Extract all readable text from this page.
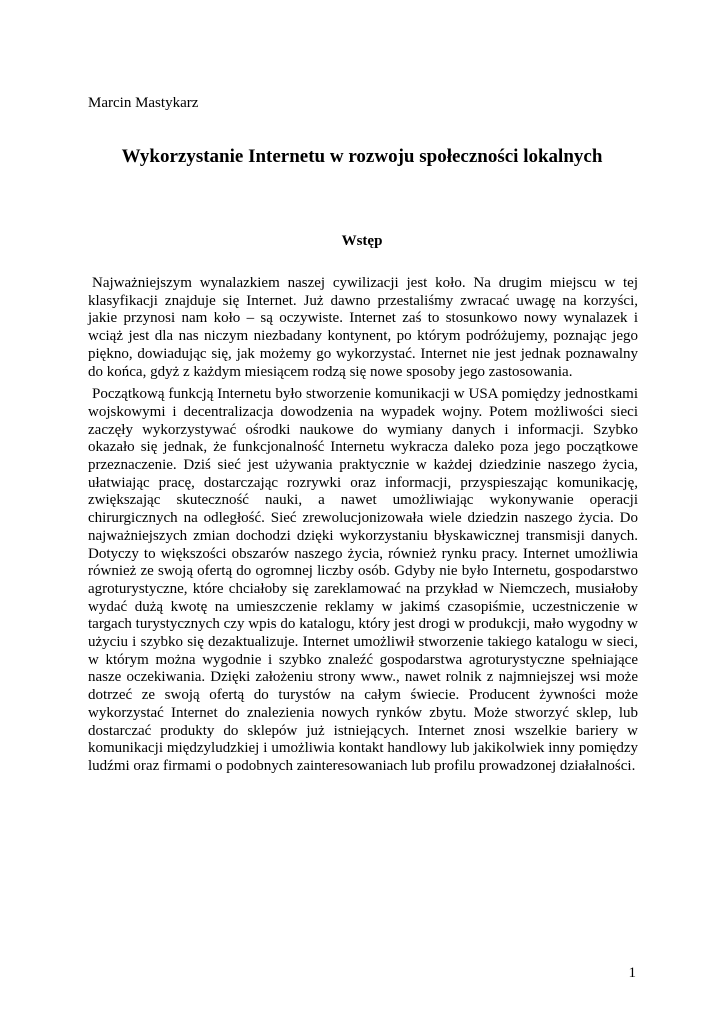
Marcin Mastykarz
Wykorzystanie Internetu w rozwoju społeczności lokalnych
Wstęp

Najważniejszym wynalazkiem naszej cywilizacji jest koło. Na drugim miejscu w tej klasyfikacji znajduje się Internet. Już dawno przestaliśmy zwracać uwagę na korzyści, jakie przynosi nam koło – są oczywiste. Internet zaś to stosunkowo nowy wynalazek i wciąż jest dla nas niczym niezbadany kontynent, po którym podróżujemy, poznając jego piękno, dowiadując się, jak możemy go wykorzystać. Internet nie jest jednak poznawalny do końca, gdyż z każdym miesiącem rodzą się nowe sposoby jego zastosowania.

Początkową funkcją Internetu było stworzenie komunikacji w USA pomiędzy jednostkami wojskowymi i decentralizacja dowodzenia na wypadek wojny. Potem możliwości sieci zaczęły wykorzystywać ośrodki naukowe do wymiany danych i informacji. Szybko okazało się jednak, że funkcjonalność Internetu wykracza daleko poza jego początkowe przeznaczenie. Dziś sieć jest używania praktycznie w każdej dziedzinie naszego życia, ułatwiając pracę, dostarczając rozrywki oraz informacji, przyspieszając komunikację, zwiększając skuteczność nauki, a nawet umożliwiając wykonywanie operacji chirurgicznych na odległość. Sieć zrewolucjonizowała wiele dziedzin naszego życia. Do najważniejszych zmian dochodzi dzięki wykorzystaniu błyskawicznej transmisji danych. Dotyczy to większości obszarów naszego życia, również rynku pracy. Internet umożliwia również ze swoją ofertą do ogromnej liczby osób. Gdyby nie było Internetu, gospodarstwo agroturystyczne, które chciałoby się zareklamować na przykład w Niemczech, musiałoby wydać dużą kwotę na umieszczenie reklamy w jakimś czasopiśmie, uczestniczenie w targach turystycznych czy wpis do katalogu, który jest drogi w produkcji, mało wygodny w użyciu i szybko się dezaktualizuje. Internet umożliwił stworzenie takiego katalogu w sieci, w którym można wygodnie i szybko znaleźć gospodarstwa agroturystyczne spełniające nasze oczekiwania. Dzięki założeniu strony www., nawet rolnik z najmniejszej wsi może dotrzeć ze swoją ofertą do turystów na całym świecie. Producent żywności może wykorzystać Internet do znalezienia nowych rynków zbytu. Może stworzyć sklep, lub dostarczać produkty do sklepów już istniejących. Internet znosi wszelkie bariery w komunikacji międzyludzkiej i umożliwia kontakt handlowy lub jakikolwiek inny pomiędzy ludźmi oraz firmami o podobnych zainteresowaniach lub profilu prowadzonej działalności.

1
